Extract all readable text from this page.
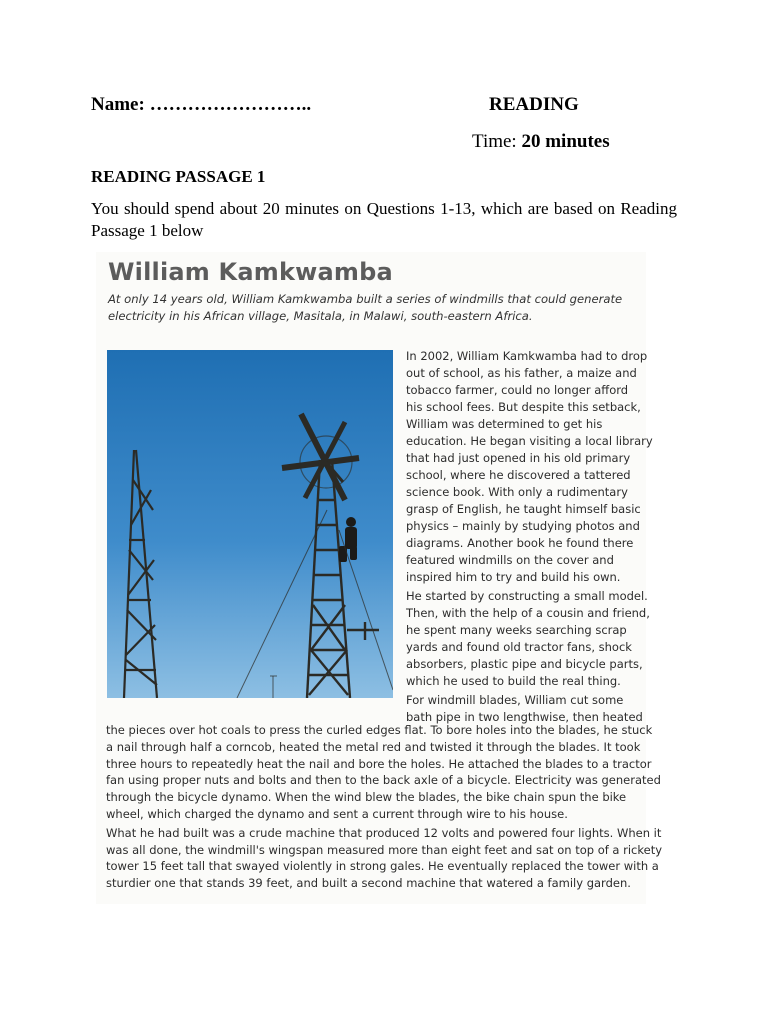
Name: ……………………..	READING
Time: 20 minutes
READING PASSAGE 1
You should spend about 20 minutes on Questions 1-13, which are based on Reading Passage 1 below
William Kamkwamba
At only 14 years old, William Kamkwamba built a series of windmills that could generate
electricity in his African village, Masitala, in Malawi, south-eastern Africa.

In 2002, William Kamkwamba had to drop
out of school, as his father, a maize and
tobacco farmer, could no longer afford
his school fees. But despite this setback,
William was determined to get his
education. He began visiting a local library
that had just opened in his old primary
school, where he discovered a tattered
science book. With only a rudimentary
grasp of English, he taught himself basic
physics – mainly by studying photos and
diagrams. Another book he found there
featured windmills on the cover and
inspired him to try and build his own.

He started by constructing a small model.
Then, with the help of a cousin and friend,
he spent many weeks searching scrap
yards and found old tractor fans, shock
absorbers, plastic pipe and bicycle parts,
which he used to build the real thing.

For windmill blades, William cut some
bath pipe in two lengthwise, then heated

the pieces over hot coals to press the curled edges flat. To bore holes into the blades, he stuck
a nail through half a corncob, heated the metal red and twisted it through the blades. It took
three hours to repeatedly heat the nail and bore the holes. He attached the blades to a tractor
fan using proper nuts and bolts and then to the back axle of a bicycle. Electricity was generated
through the bicycle dynamo. When the wind blew the blades, the bike chain spun the bike
wheel, which charged the dynamo and sent a current through wire to his house.

What he had built was a crude machine that produced 12 volts and powered four lights. When it
was all done, the windmill's wingspan measured more than eight feet and sat on top of a rickety
tower 15 feet tall that swayed violently in strong gales. He eventually replaced the tower with a
sturdier one that stands 39 feet, and built a second machine that watered a family garden.
